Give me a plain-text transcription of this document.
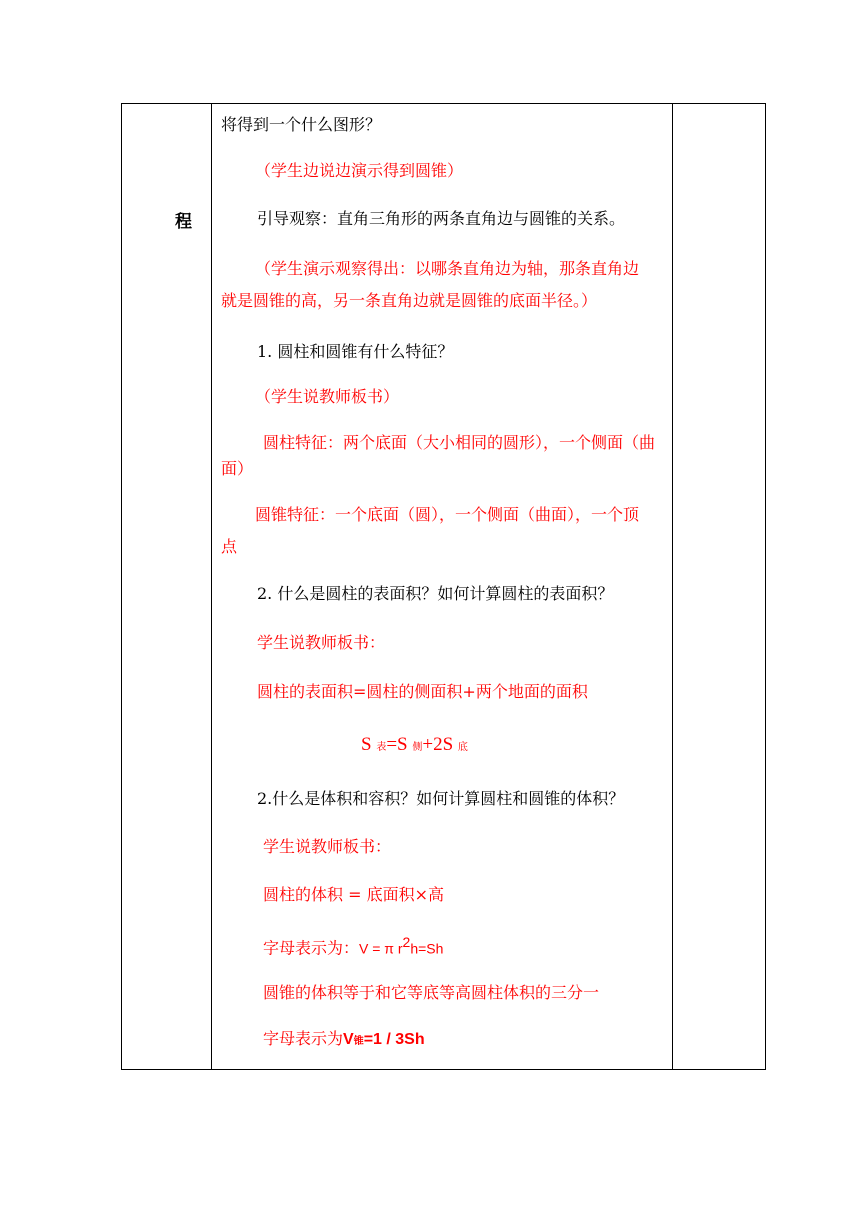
程
将得到一个什么图形？
（学生边说边演示得到圆锥）
引导观察：直角三角形的两条直角边与圆锥的关系。
（学生演示观察得出：以哪条直角边为轴，那条直角边
就是圆锥的高，另一条直角边就是圆锥的底面半径。）
1. 圆柱和圆锥有什么特征？
（学生说教师板书）
圆柱特征：两个底面（大小相同的圆形），一个侧面（曲
面）
圆锥特征：一个底面（圆），一个侧面（曲面），一个顶
点
2. 什么是圆柱的表面积？如何计算圆柱的表面积？
学生说教师板书：
圆柱的表面积=圆柱的侧面积+两个地面的面积
S 表=S 侧+2S 底
2.什么是体积和容积？如何计算圆柱和圆锥的体积？
学生说教师板书：
圆柱的体积 = 底面积×高
字母表示为：V = π r2h=Sh
圆锥的体积等于和它等底等高圆柱体积的三分一
字母表示为V锥=1 / 3Sh
